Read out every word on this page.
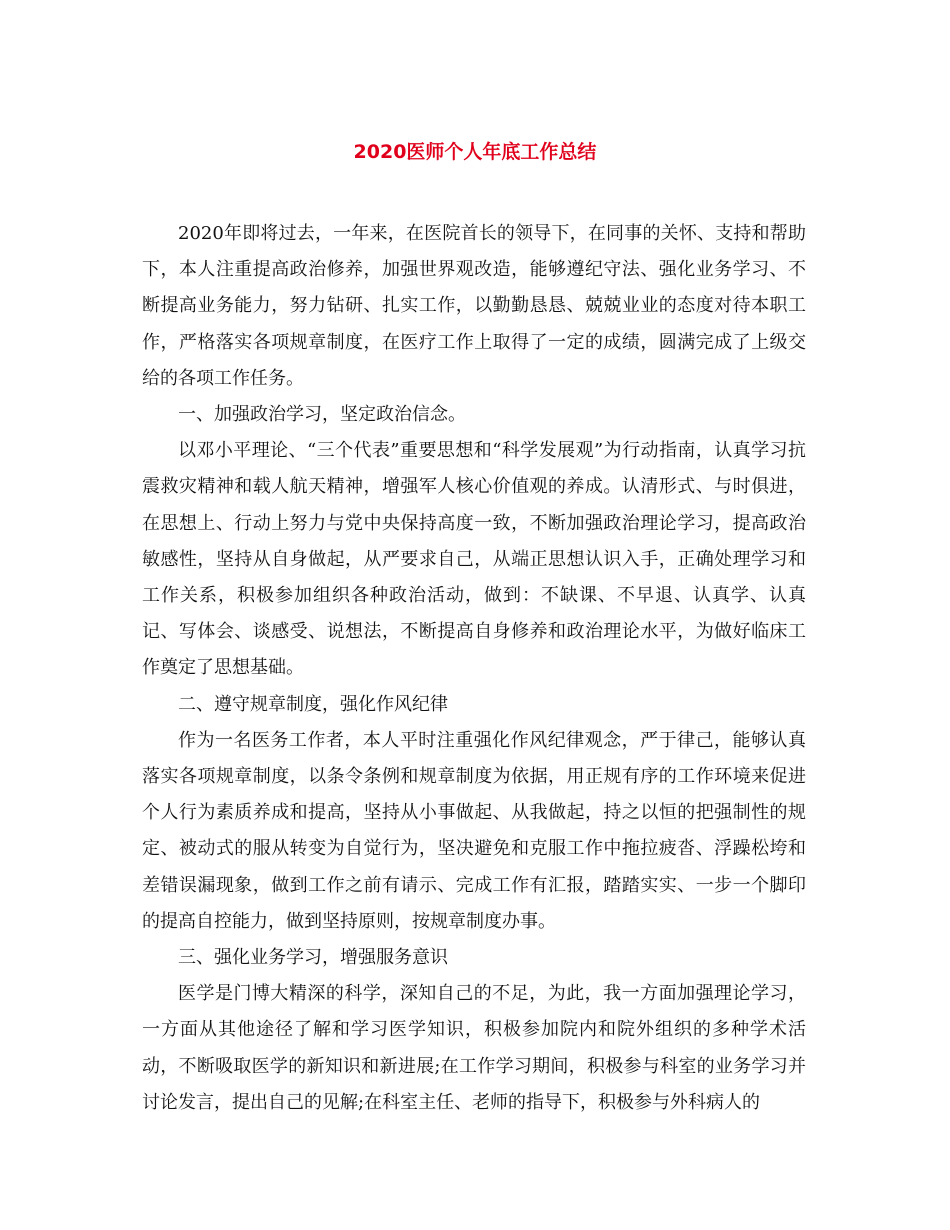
2020医师个人年底工作总结

2020年即将过去，一年来，在医院首长的领导下，在同事的关怀、支持和帮助下，本人注重提高政治修养，加强世界观改造，能够遵纪守法、强化业务学习、不断提高业务能力，努力钻研、扎实工作，以勤勤恳恳、兢兢业业的态度对待本职工作，严格落实各项规章制度，在医疗工作上取得了一定的成绩，圆满完成了上级交给的各项工作任务。

一、加强政治学习，坚定政治信念。

以邓小平理论、“三个代表”重要思想和“科学发展观”为行动指南，认真学习抗震救灾精神和载人航天精神，增强军人核心价值观的养成。认清形式、与时俱进，在思想上、行动上努力与党中央保持高度一致，不断加强政治理论学习，提高政治敏感性，坚持从自身做起，从严要求自己，从端正思想认识入手，正确处理学习和工作关系，积极参加组织各种政治活动，做到：不缺课、不早退、认真学、认真记、写体会、谈感受、说想法，不断提高自身修养和政治理论水平，为做好临床工作奠定了思想基础。

二、遵守规章制度，强化作风纪律

作为一名医务工作者，本人平时注重强化作风纪律观念，严于律己，能够认真落实各项规章制度，以条令条例和规章制度为依据，用正规有序的工作环境来促进个人行为素质养成和提高，坚持从小事做起、从我做起，持之以恒的把强制性的规定、被动式的服从转变为自觉行为，坚决避免和克服工作中拖拉疲沓、浮躁松垮和差错误漏现象，做到工作之前有请示、完成工作有汇报，踏踏实实、一步一个脚印的提高自控能力，做到坚持原则，按规章制度办事。

三、强化业务学习，增强服务意识

医学是门博大精深的科学，深知自己的不足，为此，我一方面加强理论学习，一方面从其他途径了解和学习医学知识，积极参加院内和院外组织的多种学术活动，不断吸取医学的新知识和新进展;在工作学习期间，积极参与科室的业务学习并讨论发言，提出自己的见解;在科室主任、老师的指导下，积极参与外科病人的
